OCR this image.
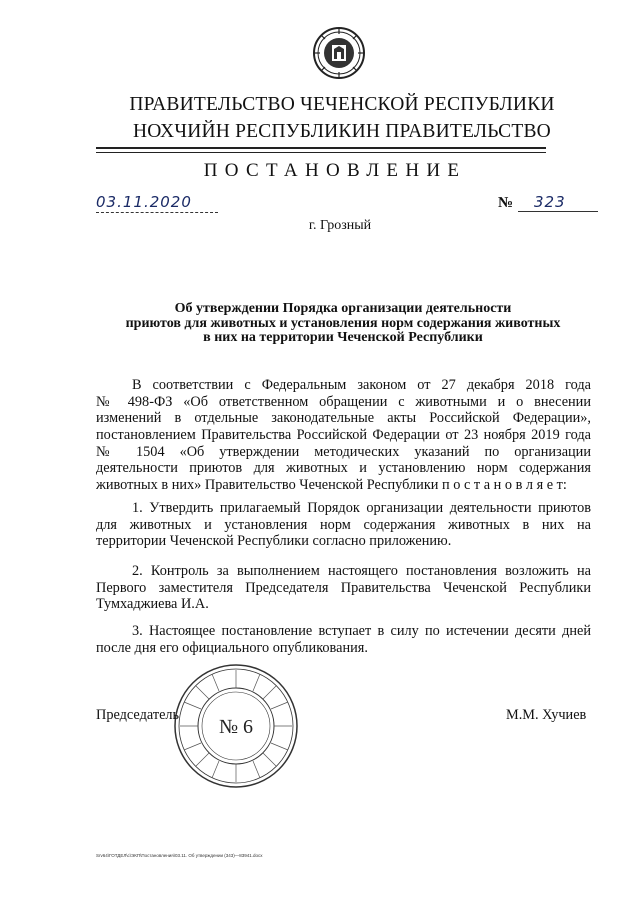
ПРАВИТЕЛЬСТВО ЧЕЧЕНСКОЙ РЕСПУБЛИКИ
НОХЧИЙН РЕСПУБЛИКИН ПРАВИТЕЛЬСТВО
ПОСТАНОВЛЕНИЕ
03.11.2020	№	323
г. Грозный
Об утверждении Порядка организации деятельности
приютов для животных и установления норм содержания животных
в них на территории Чеченской Республики
В соответствии с Федеральным законом от 27 декабря 2018 года
№ 498-ФЗ «Об ответственном обращении с животными и о внесении
изменений в отдельные законодательные акты Российской Федерации»,
постановлением Правительства Российской Федерации от 23 ноября 2019 года
№ 1504 «Об утверждении методических указаний по организации
деятельности приютов для животных и установлению норм содержания
животных в них» Правительство Чеченской Республики п о с т а н о в л я е т:
1. Утвердить прилагаемый Порядок организации деятельности приютов
для животных и установления норм содержания животных в них на
территории Чеченской Республики согласно приложению.
2. Контроль за выполнением настоящего постановления возложить на
Первого заместителя Председателя Правительства Чеченской Республики
Тумхаджиева И.А.
3. Настоящее постановление вступает в силу по истечении десяти дней
после дня его официального опубликования.
№ 6
Председатель	М.М. Хучиев
Srv64\ГОТДЕЛ\с\ЭКП\Постановления\03.11. Об утверждении (343)—83941.docx
